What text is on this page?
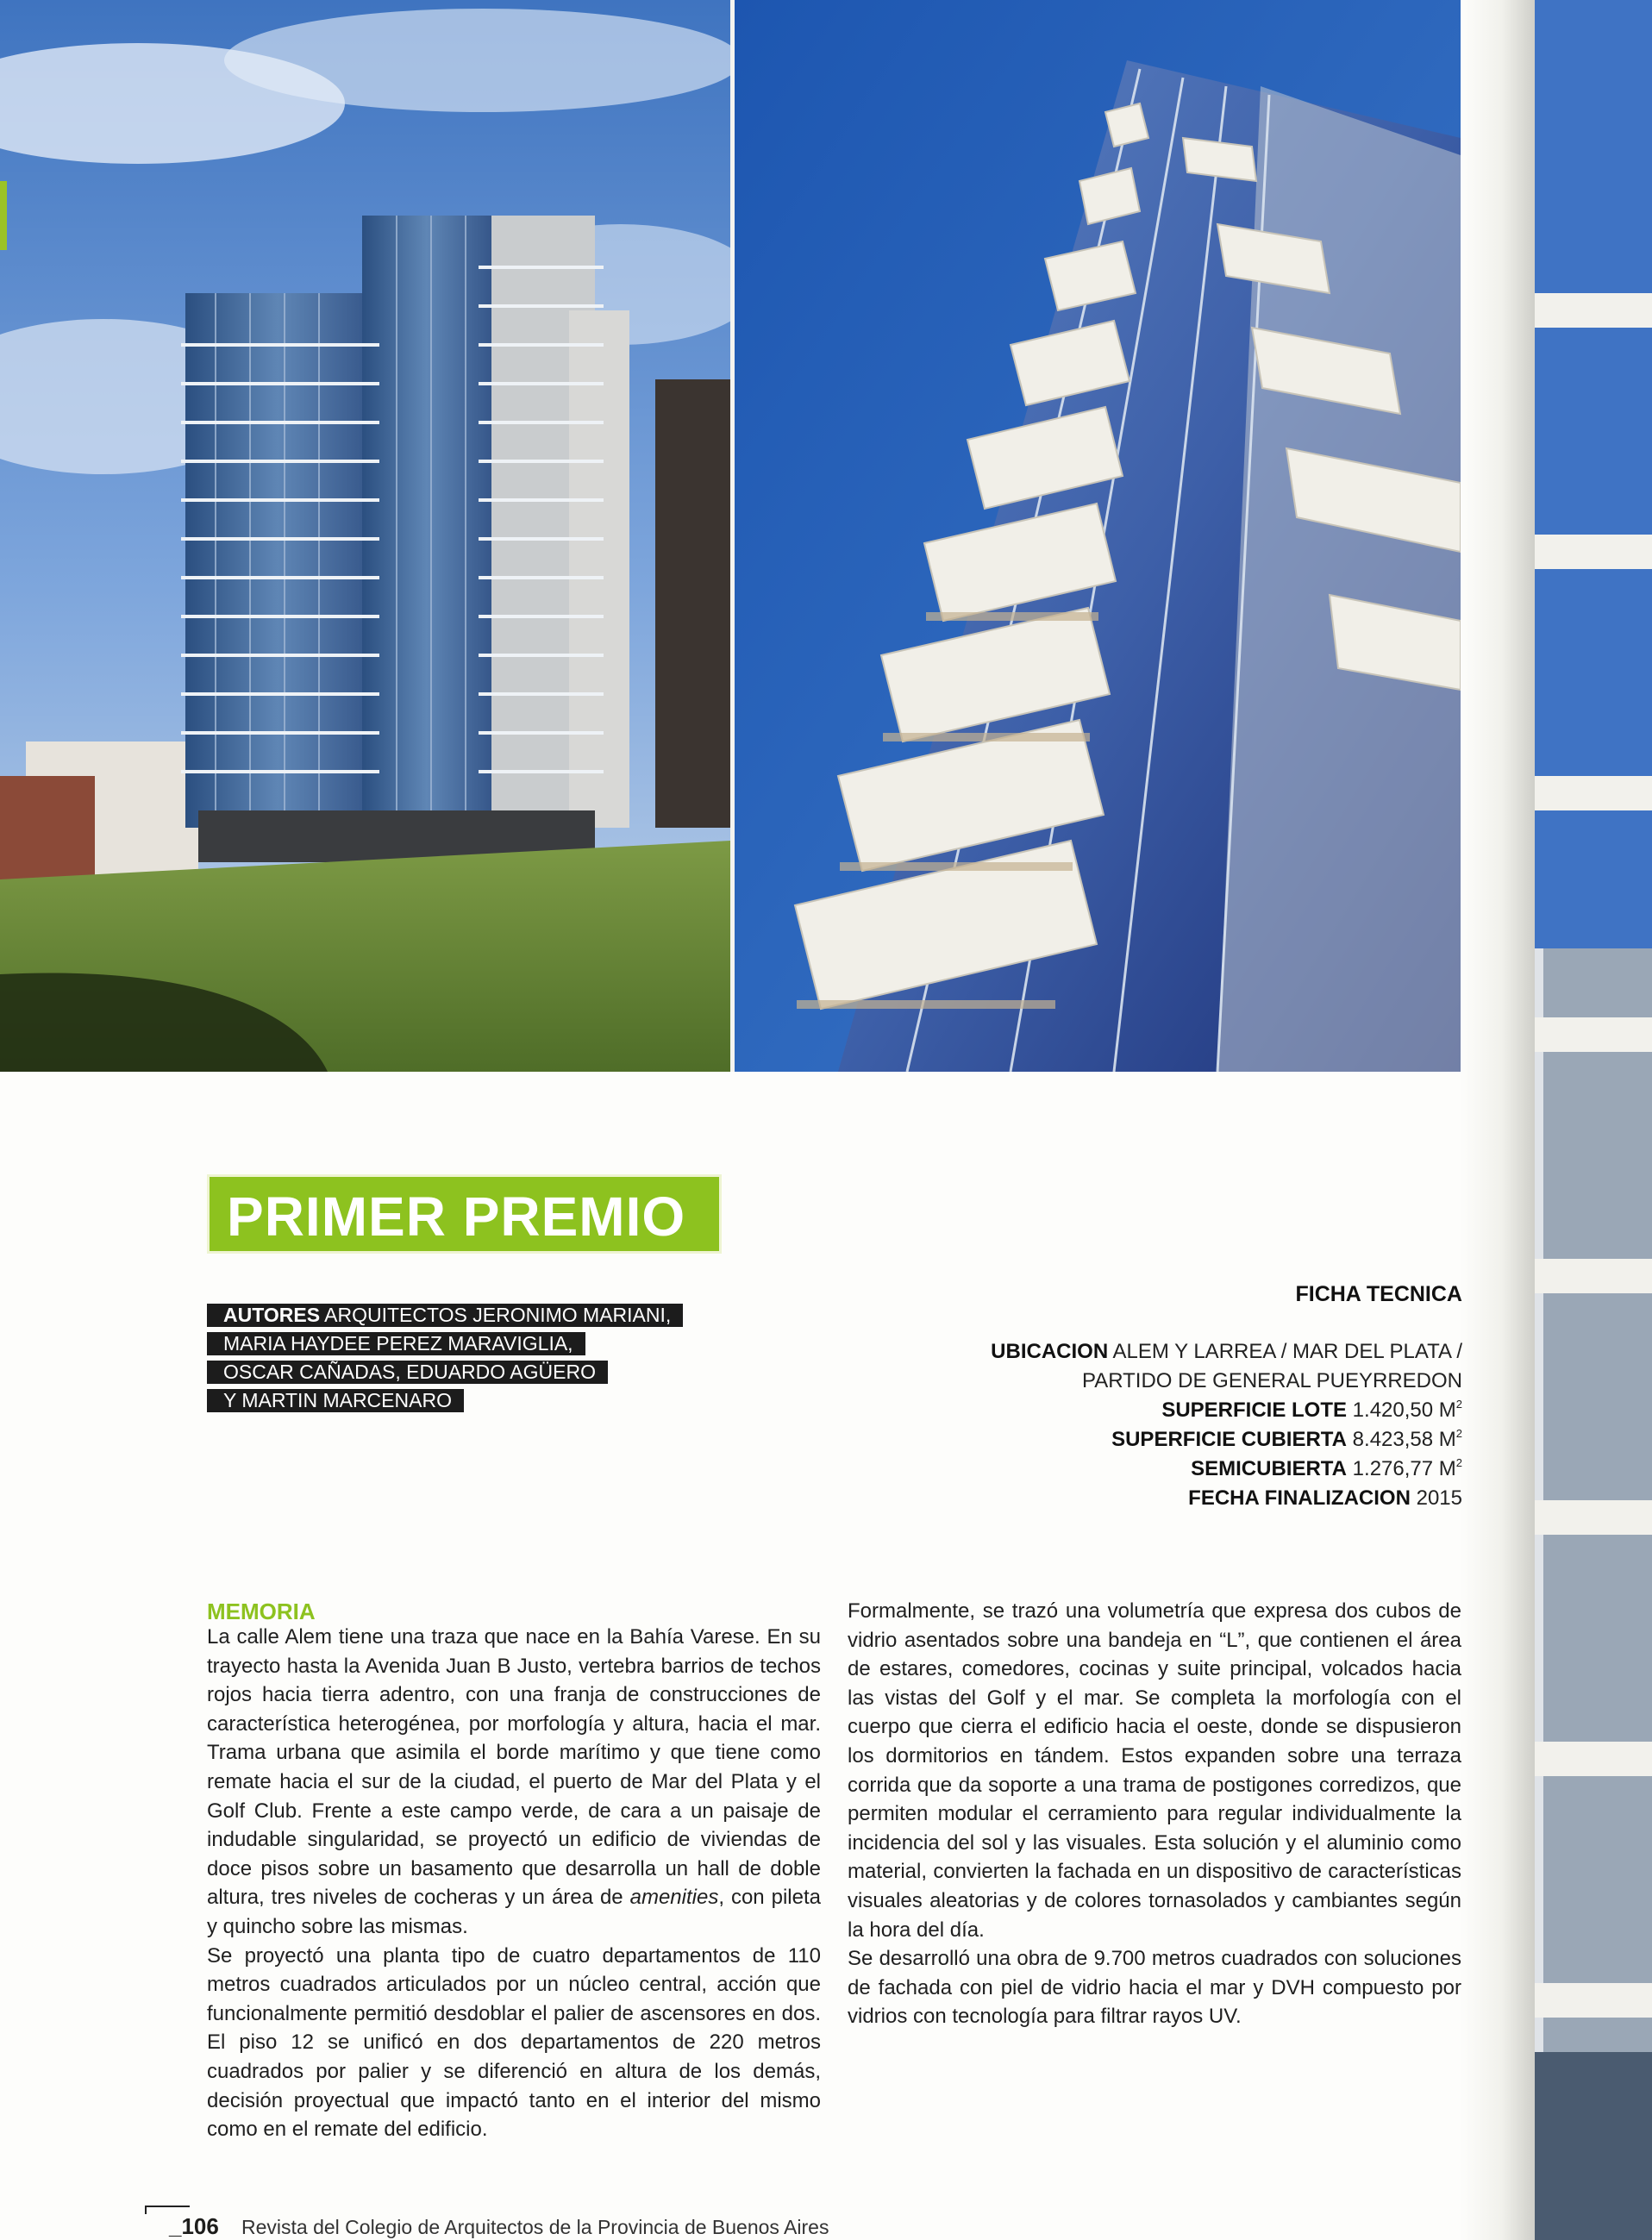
PRIMER PREMIO
AUTORES ARQUITECTOS JERONIMO MARIANI,
MARIA HAYDEE PEREZ MARAVIGLIA,
OSCAR CAÑADAS, EDUARDO AGÜERO
Y MARTIN MARCENARO
FICHA TECNICA
UBICACION ALEM Y LARREA / MAR DEL PLATA /
PARTIDO DE GENERAL PUEYRREDON
SUPERFICIE LOTE 1.420,50 $M^2$
SUPERFICIE CUBIERTA 8.423,58 $M^2$
SEMICUBIERTA 1.276,77 $M^2$
FECHA FINALIZACION 2015
MEMORIA

La calle Alem tiene una traza que nace en la Bahía Varese. En su trayecto hasta la Avenida Juan B Justo, vertebra barrios de techos rojos hacia tierra adentro, con una franja de construcciones de característica heterogénea, por morfología y altura, hacia el mar. Trama urbana que asimila el borde marítimo y que tiene como remate hacia el sur de la ciudad, el puerto de Mar del Plata y el Golf Club. Frente a este campo verde, de cara a un paisaje de indudable singularidad, se proyectó un edificio de viviendas de doce pisos sobre un basamento que desarrolla un hall de doble altura, tres niveles de cocheras y un área de amenities, con pileta y quincho sobre las mismas.

Se proyectó una planta tipo de cuatro departamentos de 110 metros cuadrados articulados por un núcleo central, acción que funcionalmente permitió desdoblar el palier de ascensores en dos. El piso 12 se unificó en dos departamentos de 220 metros cuadrados por palier y se diferenció en altura de los demás, decisión proyectual que impactó tanto en el interior del mismo como en el remate del edificio.

Formalmente, se trazó una volumetría que expresa dos cubos de vidrio asentados sobre una bandeja en “L”, que contienen el área de estares, comedores, cocinas y suite principal, volcados hacia las vistas del Golf y el mar. Se completa la morfología con el cuerpo que cierra el edificio hacia el oeste, donde se dispusieron los dormitorios en tándem. Estos expanden sobre una terraza corrida que da soporte a una trama de postigones corredizos, que permiten modular el cerramiento para regular individualmente la incidencia del sol y las visuales. Esta solución y el aluminio como material, convierten la fachada en un dispositivo de características visuales aleatorias y de colores tornasolados y cambiantes según la hora del día.

Se desarrolló una obra de 9.700 metros cuadrados con soluciones de fachada con piel de vidrio hacia el mar y DVH compuesto por vidrios con tecnología para filtrar rayos UV.

_106 Revista del Colegio de Arquitectos de la Provincia de Buenos Aires
